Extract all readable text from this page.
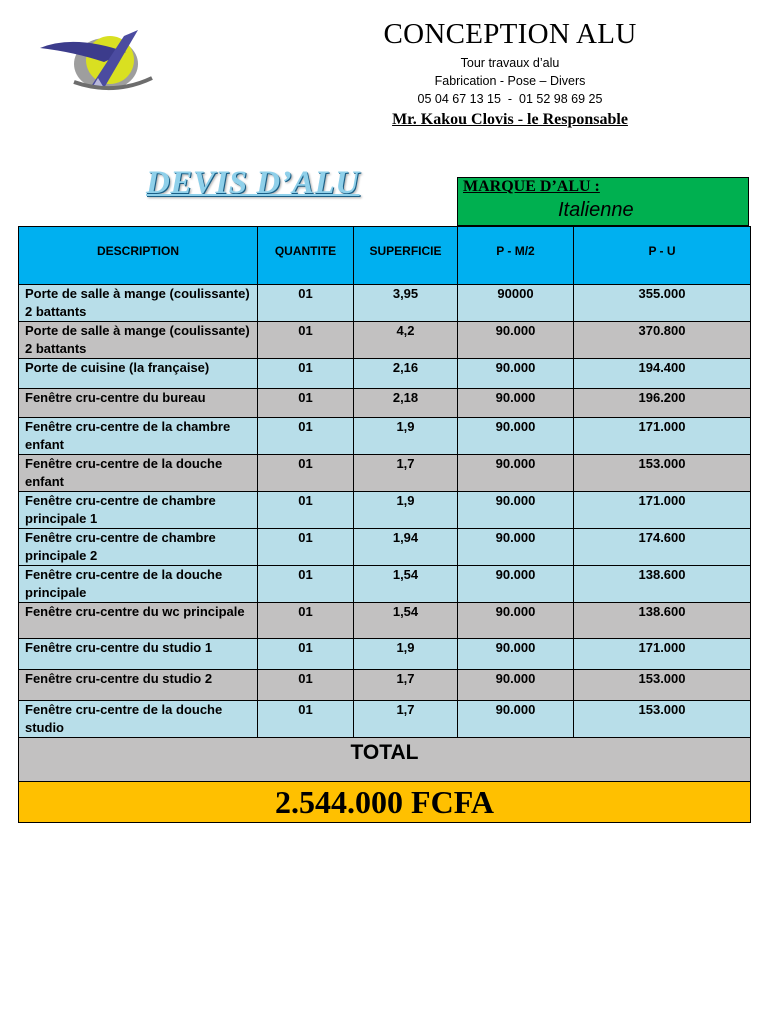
CONCEPTION ALU
Tour travaux d’alu
Fabrication - Pose – Divers
05 04 67 13 15  -  01 52 98 69 25
Mr. Kakou Clovis - le Responsable
DEVIS D’ALU	MARQUE D’ALU :
Italienne
DESCRIPTION	QUANTITE	SUPERFICIE	P - M/2	P - U
Porte de salle à mange (coulissante) 2 battants	01	3,95	90000	355.000
Porte de salle à mange (coulissante) 2 battants	01	4,2	90.000	370.800
Porte de cuisine (la française)	01	2,16	90.000	194.400
Fenêtre cru-centre du bureau	01	2,18	90.000	196.200
Fenêtre cru-centre de la chambre enfant	01	1,9	90.000	171.000
Fenêtre cru-centre de la douche enfant	01	1,7	90.000	153.000
Fenêtre cru-centre de chambre principale 1	01	1,9	90.000	171.000
Fenêtre cru-centre de chambre principale 2	01	1,94	90.000	174.600
Fenêtre cru-centre de la douche principale	01	1,54	90.000	138.600
Fenêtre cru-centre du wc principale	01	1,54	90.000	138.600
Fenêtre cru-centre du studio 1	01	1,9	90.000	171.000
Fenêtre cru-centre du studio 2	01	1,7	90.000	153.000
Fenêtre cru-centre de la douche studio	01	1,7	90.000	153.000
TOTAL				
2.544.000 FCFA				
